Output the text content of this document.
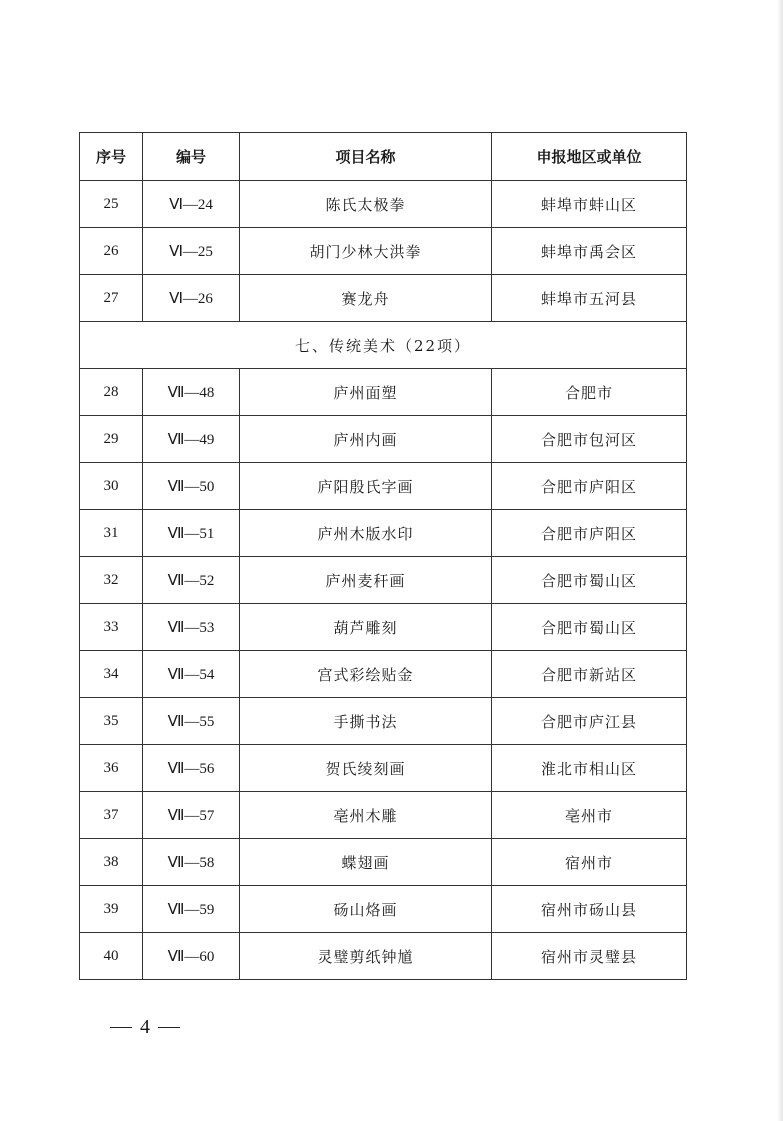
序号	编号	项目名称	申报地区或单位
25	Ⅵ—24	陈氏太极拳	蚌埠市蚌山区
26	Ⅵ—25	胡门少林大洪拳	蚌埠市禹会区
27	Ⅵ—26	赛龙舟	蚌埠市五河县
七、传统美术（22项）			
28	Ⅶ—48	庐州面塑	合肥市
29	Ⅶ—49	庐州内画	合肥市包河区
30	Ⅶ—50	庐阳殷氏字画	合肥市庐阳区
31	Ⅶ—51	庐州木版水印	合肥市庐阳区
32	Ⅶ—52	庐州麦秆画	合肥市蜀山区
33	Ⅶ—53	葫芦雕刻	合肥市蜀山区
34	Ⅶ—54	宫式彩绘贴金	合肥市新站区
35	Ⅶ—55	手撕书法	合肥市庐江县
36	Ⅶ—56	贺氏绫刻画	淮北市相山区
37	Ⅶ—57	亳州木雕	亳州市
38	Ⅶ—58	蝶翅画	宿州市
39	Ⅶ—59	砀山烙画	宿州市砀山县
40	Ⅶ—60	灵璧剪纸钟馗	宿州市灵璧县
4
